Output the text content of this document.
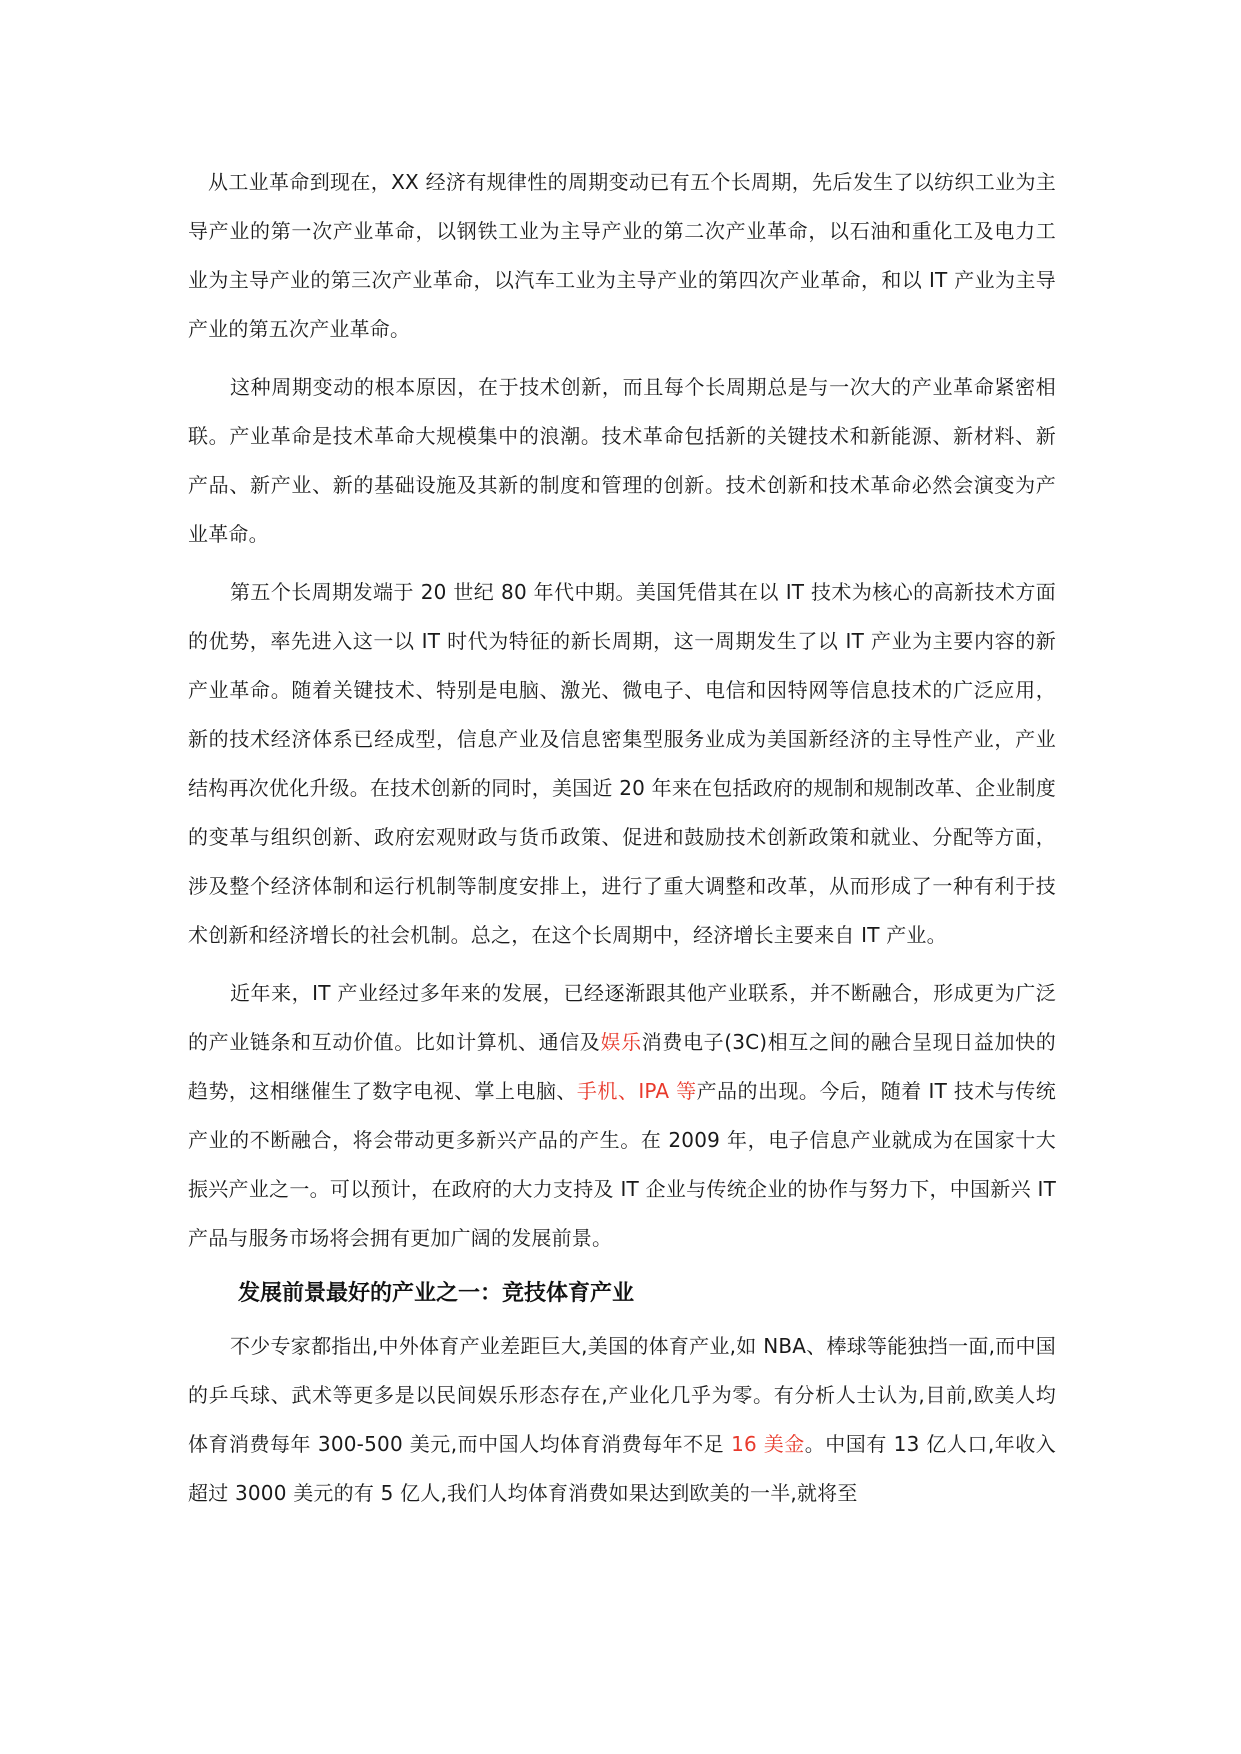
从工业革命到现在，XX 经济有规律性的周期变动已有五个长周期，先后发生了以纺织工业为主导产业的第一次产业革命，以钢铁工业为主导产业的第二次产业革命，以石油和重化工及电力工业为主导产业的第三次产业革命，以汽车工业为主导产业的第四次产业革命，和以 IT 产业为主导产业的第五次产业革命。

这种周期变动的根本原因，在于技术创新，而且每个长周期总是与一次大的产业革命紧密相联。产业革命是技术革命大规模集中的浪潮。技术革命包括新的关键技术和新能源、新材料、新产品、新产业、新的基础设施及其新的制度和管理的创新。技术创新和技术革命必然会演变为产业革命。

第五个长周期发端于 20 世纪 80 年代中期。美国凭借其在以 IT 技术为核心的高新技术方面的优势，率先进入这一以 IT 时代为特征的新长周期，这一周期发生了以 IT 产业为主要内容的新产业革命。随着关键技术、特别是电脑、激光、微电子、电信和因特网等信息技术的广泛应用，新的技术经济体系已经成型，信息产业及信息密集型服务业成为美国新经济的主导性产业，产业结构再次优化升级。在技术创新的同时，美国近 20 年来在包括政府的规制和规制改革、企业制度的变革与组织创新、政府宏观财政与货币政策、促进和鼓励技术创新政策和就业、分配等方面，涉及整个经济体制和运行机制等制度安排上，进行了重大调整和改革，从而形成了一种有利于技术创新和经济增长的社会机制。总之，在这个长周期中，经济增长主要来自 IT 产业。

近年来，IT 产业经过多年来的发展，已经逐渐跟其他产业联系，并不断融合，形成更为广泛的产业链条和互动价值。比如计算机、通信及娱乐消费电子(3C)相互之间的融合呈现日益加快的趋势，这相继催生了数字电视、掌上电脑、手机、IPA 等产品的出现。今后，随着 IT 技术与传统产业的不断融合，将会带动更多新兴产品的产生。在 2009 年，电子信息产业就成为在国家十大振兴产业之一。可以预计，在政府的大力支持及 IT 企业与传统企业的协作与努力下，中国新兴 IT 产品与服务市场将会拥有更加广阔的发展前景。

发展前景最好的产业之一：竞技体育产业

不少专家都指出,中外体育产业差距巨大,美国的体育产业,如 NBA、棒球等能独挡一面,而中国的乒乓球、武术等更多是以民间娱乐形态存在,产业化几乎为零。有分析人士认为,目前,欧美人均体育消费每年 300-500 美元,而中国人均体育消费每年不足 16 美金。中国有 13 亿人口,年收入超过 3000 美元的有 5 亿人,我们人均体育消费如果达到欧美的一半,就将至
